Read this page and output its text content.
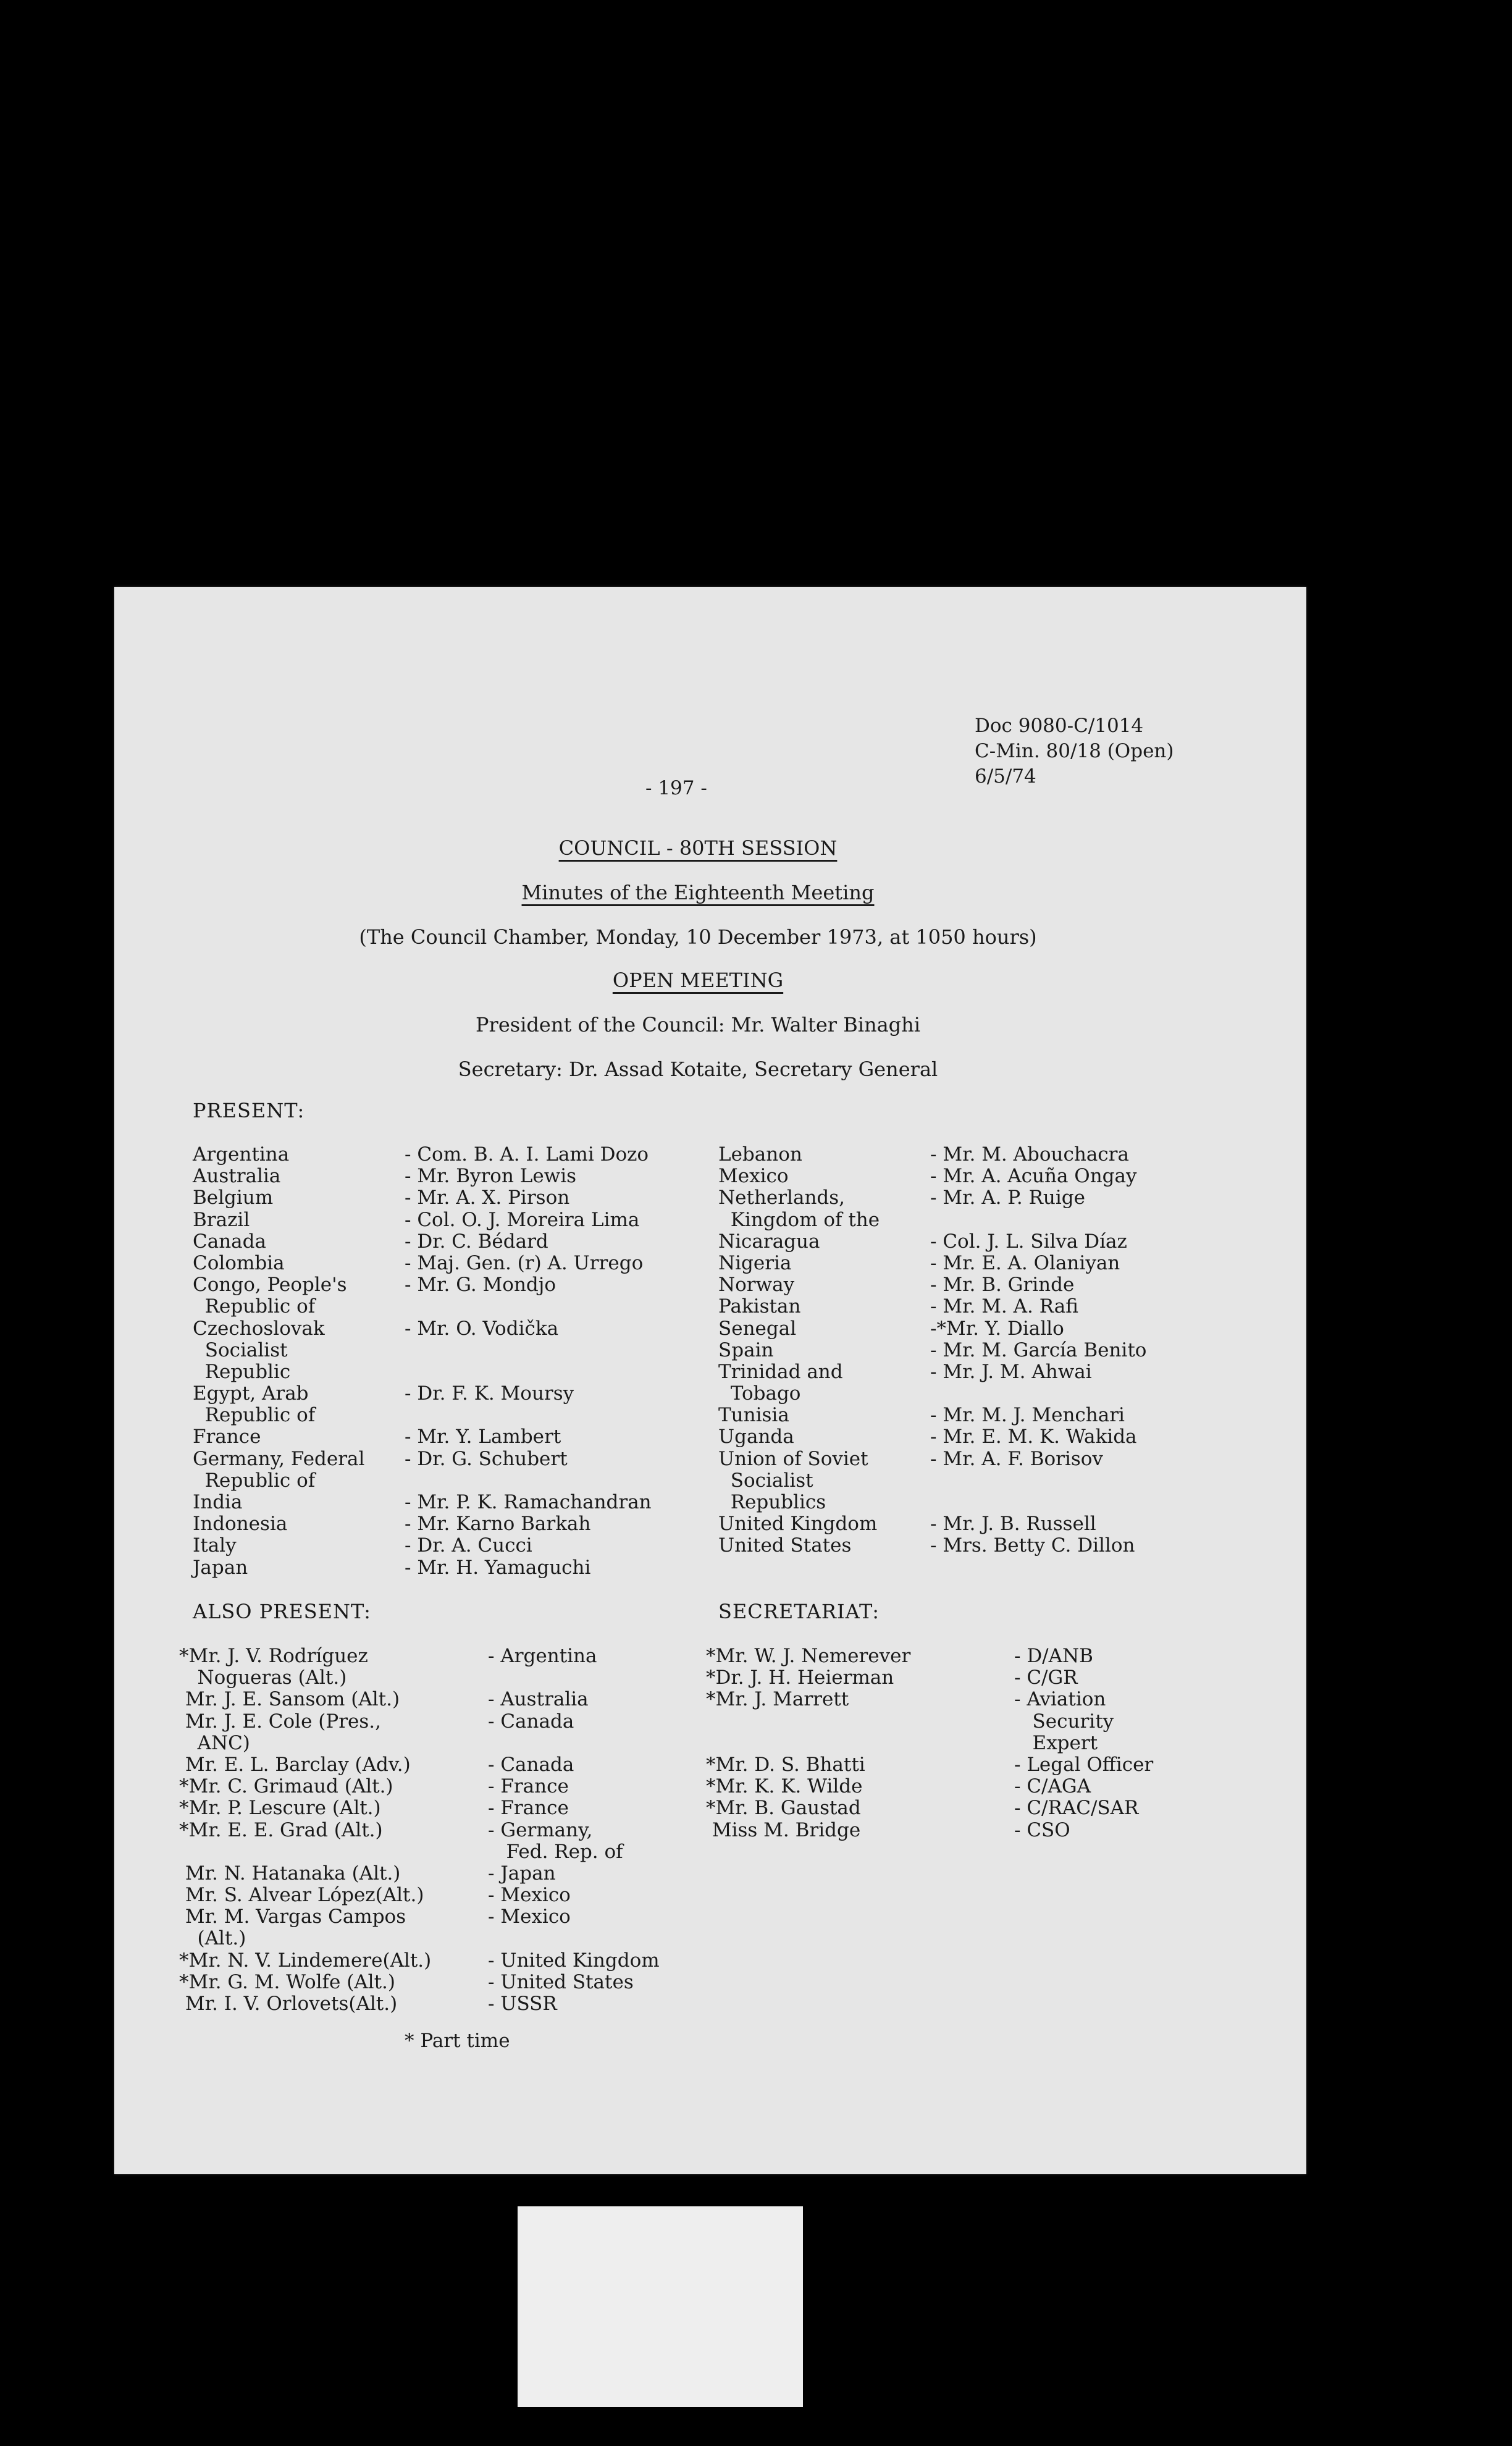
Doc 9080-C/1014
C-Min. 80/18 (Open)
6/5/74
- 197 -
COUNCIL - 80TH SESSION
Minutes of the Eighteenth Meeting
(The Council Chamber, Monday, 10 December 1973, at 1050 hours)
OPEN MEETING
President of the Council: Mr. Walter Binaghi
Secretary: Dr. Assad Kotaite, Secretary General
PRESENT:
Argentina
Australia
Belgium
Brazil
Canada
Colombia
Congo, People's
Republic of
Czechoslovak
Socialist
Republic
Egypt, Arab
Republic of
France
Germany, Federal
Republic of
India
Indonesia
Italy
Japan
- Com. B. A. I. Lami Dozo
- Mr. Byron Lewis
- Mr. A. X. Pirson
- Col. O. J. Moreira Lima
- Dr. C. Bédard
- Maj. Gen. (r) A. Urrego
- Mr. G. Mondjo
- Mr. O. Vodička
- Dr. F. K. Moursy
- Mr. Y. Lambert
- Dr. G. Schubert
- Mr. P. K. Ramachandran
- Mr. Karno Barkah
- Dr. A. Cucci
- Mr. H. Yamaguchi
Lebanon
Mexico
Netherlands,
Kingdom of the
Nicaragua
Nigeria
Norway
Pakistan
Senegal
Spain
Trinidad and
Tobago
Tunisia
Uganda
Union of Soviet
Socialist
Republics
United Kingdom
United States
- Mr. M. Abouchacra
- Mr. A. Acuña Ongay
- Mr. A. P. Ruige
- Col. J. L. Silva Díaz
- Mr. E. A. Olaniyan
- Mr. B. Grinde
- Mr. M. A. Rafi
-*Mr. Y. Diallo
- Mr. M. García Benito
- Mr. J. M. Ahwai
- Mr. M. J. Menchari
- Mr. E. M. K. Wakida
- Mr. A. F. Borisov
- Mr. J. B. Russell
- Mrs. Betty C. Dillon
ALSO PRESENT:	SECRETARIAT:
*Mr. J. V. Rodríguez
Nogueras (Alt.)
Mr. J. E. Sansom (Alt.)
Mr. J. E. Cole (Pres.,
ANC)
Mr. E. L. Barclay (Adv.)
*Mr. C. Grimaud (Alt.)
*Mr. P. Lescure (Alt.)
*Mr. E. E. Grad (Alt.)
Mr. N. Hatanaka (Alt.)
Mr. S. Alvear López(Alt.)
Mr. M. Vargas Campos
(Alt.)
*Mr. N. V. Lindemere(Alt.)
*Mr. G. M. Wolfe (Alt.)
Mr. I. V. Orlovets(Alt.)
- Argentina
- Australia
- Canada
- Canada
- France
- France
- Germany,
Fed. Rep. of
- Japan
- Mexico
- Mexico
- United Kingdom
- United States
- USSR
*Mr. W. J. Nemerever
*Dr. J. H. Heierman
*Mr. J. Marrett
*Mr. D. S. Bhatti
*Mr. K. K. Wilde
*Mr. B. Gaustad
Miss M. Bridge
- D/ANB
- C/GR
- Aviation
Security
Expert
- Legal Officer
- C/AGA
- C/RAC/SAR
- CSO
* Part time
